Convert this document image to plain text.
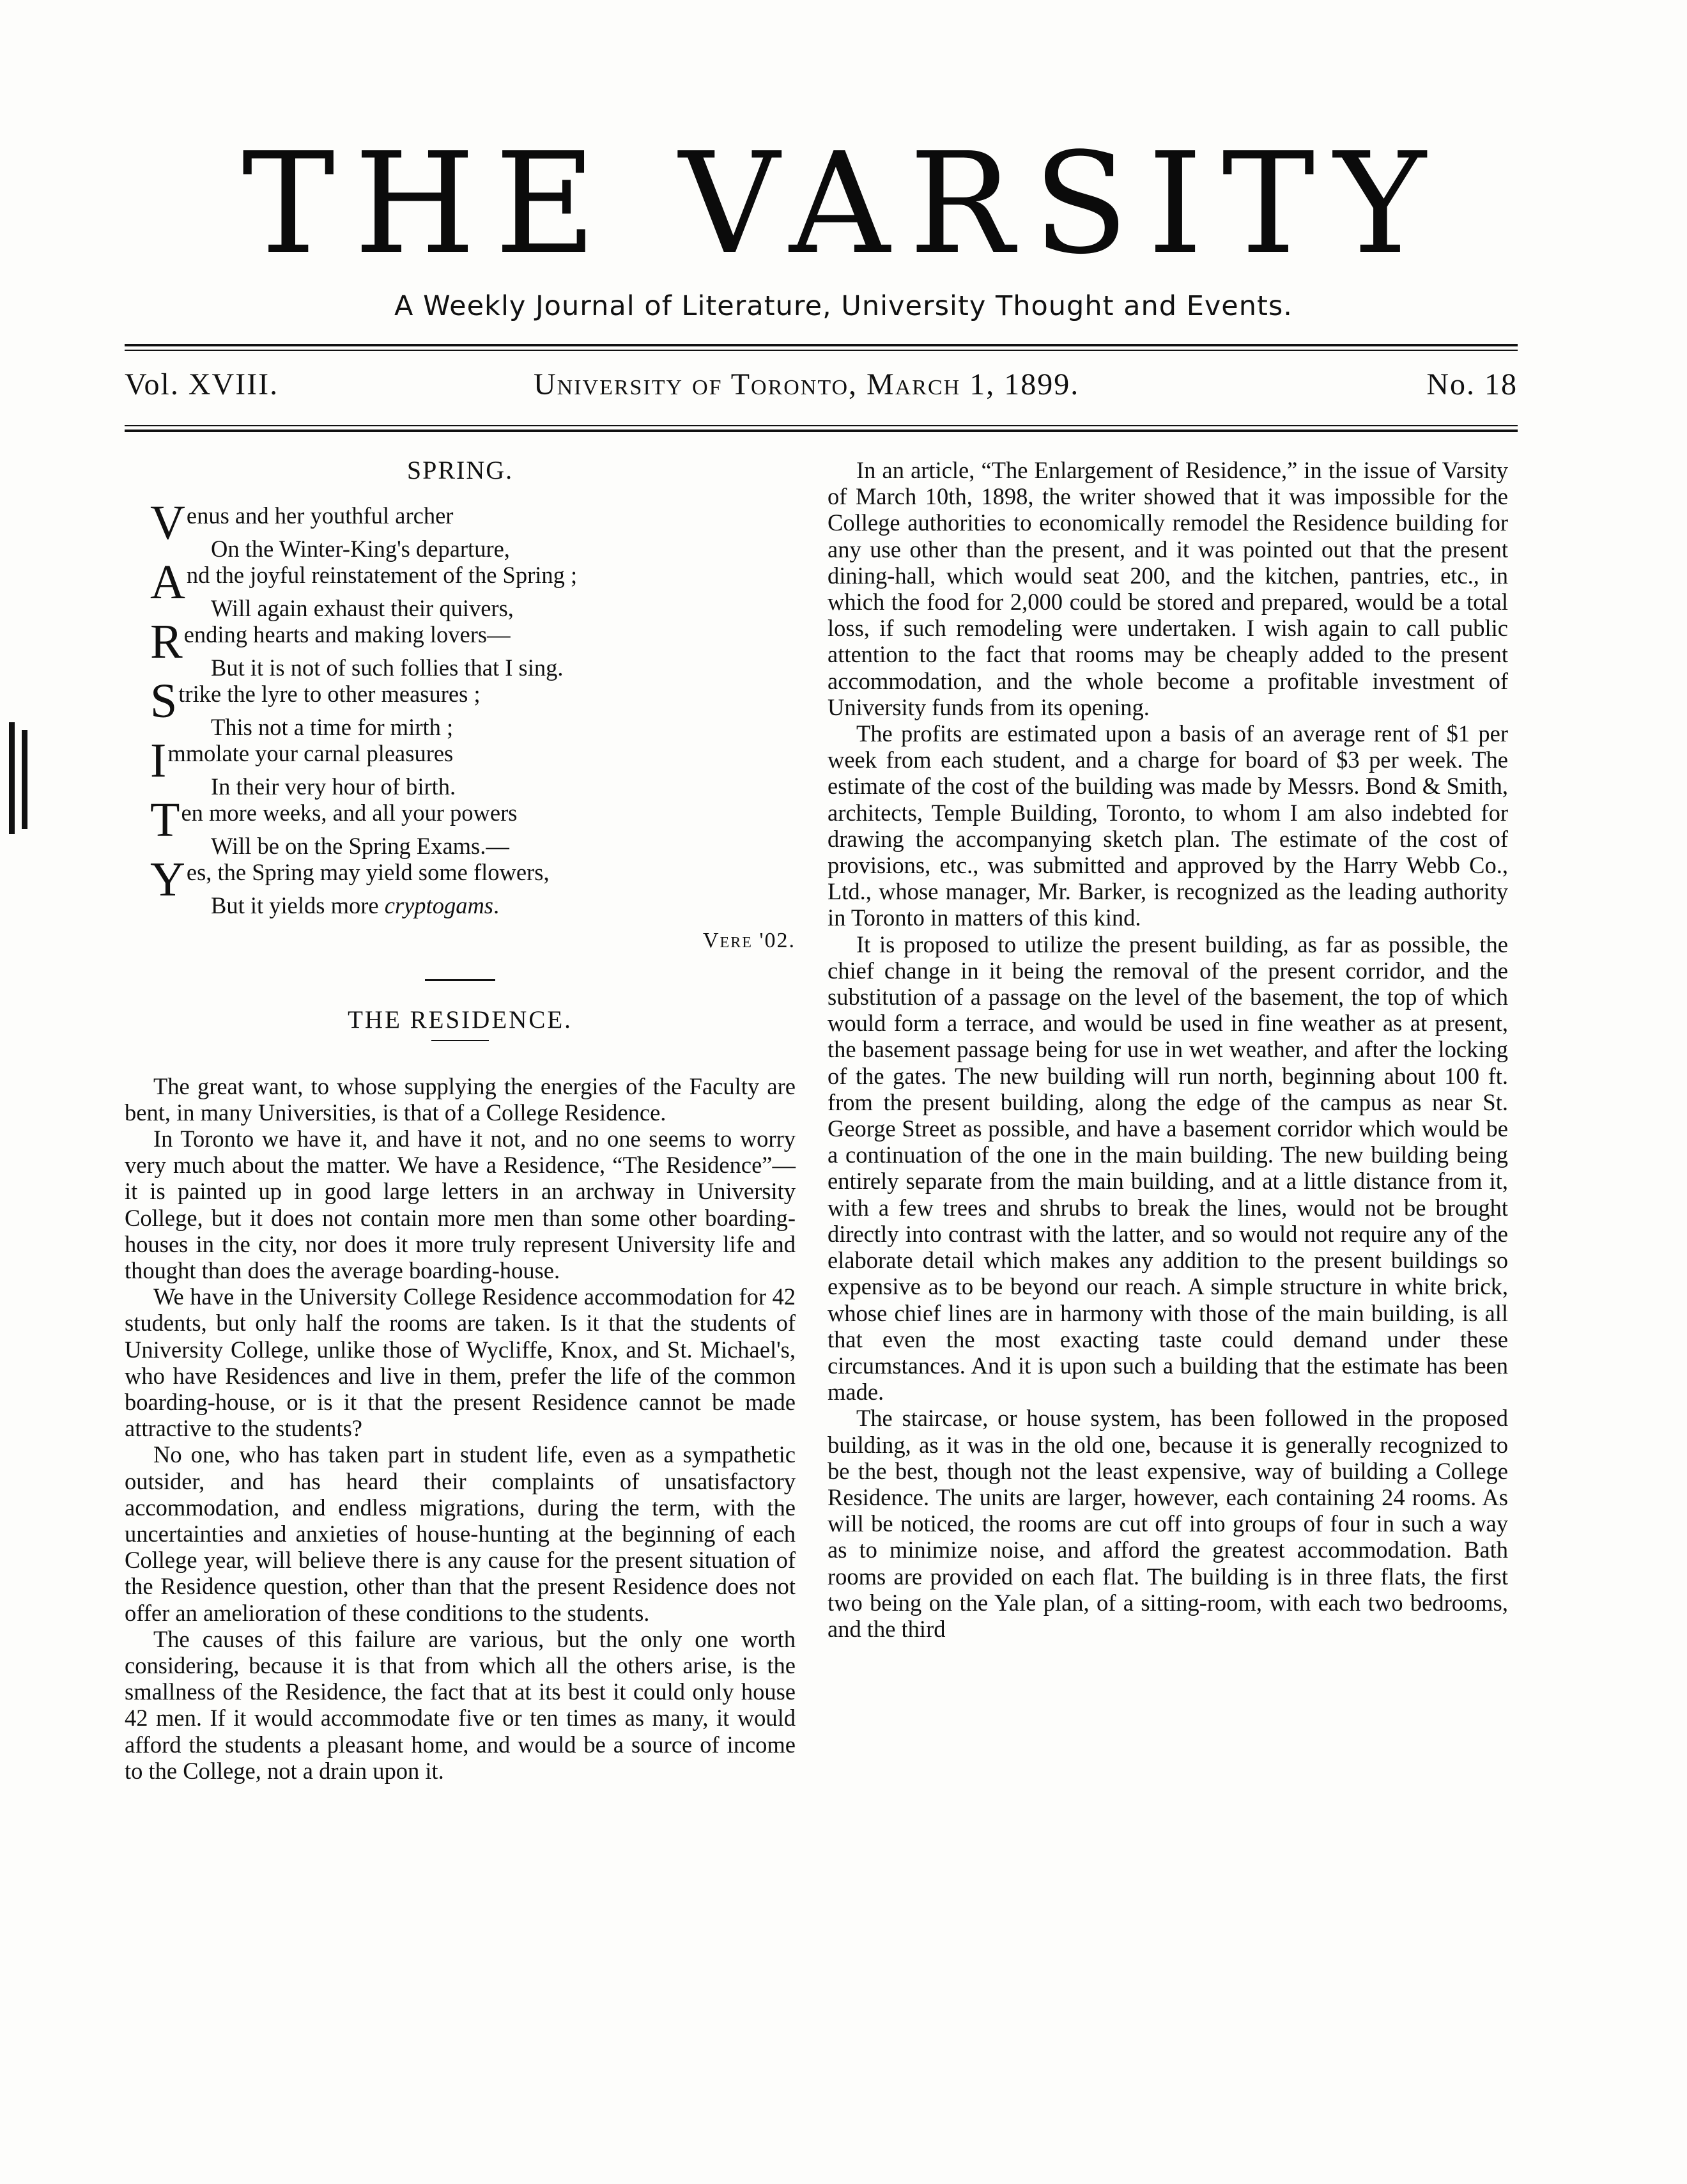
THE VARSITY
A Weekly Journal of Literature, University Thought and Events.
Vol. XVIII.	University of Toronto, March 1, 1899.	No. 18
SPRING.
Venus and her youthful archer
On the Winter-King's departure,
And the joyful reinstatement of the Spring ;
Will again exhaust their quivers,
Rending hearts and making lovers—
But it is not of such follies that I sing.
Strike the lyre to other measures ;
This not a time for mirth ;
Immolate your carnal pleasures
In their very hour of birth.
Ten more weeks, and all your powers
Will be on the Spring Exams.—
Yes, the Spring may yield some flowers,
But it yields more cryptogams.
Vere '02.
THE RESIDENCE.

The great want, to whose supplying the energies of the Faculty are bent, in many Universities, is that of a College Residence.

In Toronto we have it, and have it not, and no one seems to worry very much about the matter. We have a Residence, “The Residence”—it is painted up in good large letters in an archway in University College, but it does not contain more men than some other boarding-houses in the city, nor does it more truly represent University life and thought than does the average boarding-house.

We have in the University College Residence accommodation for 42 students, but only half the rooms are taken. Is it that the students of University College, unlike those of Wycliffe, Knox, and St. Michael's, who have Residences and live in them, prefer the life of the common boarding-house, or is it that the present Residence cannot be made attractive to the students?

No one, who has taken part in student life, even as a sympathetic outsider, and has heard their complaints of unsatisfactory accommodation, and endless migrations, during the term, with the uncertainties and anxieties of house-hunting at the beginning of each College year, will believe there is any cause for the present situation of the Residence question, other than that the present Residence does not offer an amelioration of these conditions to the students.

The causes of this failure are various, but the only one worth considering, because it is that from which all the others arise, is the smallness of the Residence, the fact that at its best it could only house 42 men. If it would accommodate five or ten times as many, it would afford the students a pleasant home, and would be a source of income to the College, not a drain upon it.

In an article, “The Enlargement of Residence,” in the issue of Varsity of March 10th, 1898, the writer showed that it was impossible for the College authorities to economically remodel the Residence building for any use other than the present, and it was pointed out that the present dining-hall, which would seat 200, and the kitchen, pantries, etc., in which the food for 2,000 could be stored and prepared, would be a total loss, if such remodeling were undertaken. I wish again to call public attention to the fact that rooms may be cheaply added to the present accommodation, and the whole become a profitable investment of University funds from its opening.

The profits are estimated upon a basis of an average rent of $1 per week from each student, and a charge for board of $3 per week. The estimate of the cost of the building was made by Messrs. Bond & Smith, architects, Temple Building, Toronto, to whom I am also indebted for drawing the accompanying sketch plan. The estimate of the cost of provisions, etc., was submitted and approved by the Harry Webb Co., Ltd., whose manager, Mr. Barker, is recognized as the leading authority in Toronto in matters of this kind.

It is proposed to utilize the present building, as far as possible, the chief change in it being the removal of the present corridor, and the substitution of a passage on the level of the basement, the top of which would form a terrace, and would be used in fine weather as at present, the basement passage being for use in wet weather, and after the locking of the gates. The new building will run north, beginning about 100 ft. from the present building, along the edge of the campus as near St. George Street as possible, and have a basement corridor which would be a continuation of the one in the main building. The new building being entirely separate from the main building, and at a little distance from it, with a few trees and shrubs to break the lines, would not be brought directly into contrast with the latter, and so would not require any of the elaborate detail which makes any addition to the present buildings so expensive as to be beyond our reach. A simple structure in white brick, whose chief lines are in harmony with those of the main building, is all that even the most exacting taste could demand under these circumstances. And it is upon such a building that the estimate has been made.

The staircase, or house system, has been followed in the proposed building, as it was in the old one, because it is generally recognized to be the best, though not the least expensive, way of building a College Residence. The units are larger, however, each containing 24 rooms. As will be noticed, the rooms are cut off into groups of four in such a way as to minimize noise, and afford the greatest accommodation. Bath rooms are provided on each flat. The building is in three flats, the first two being on the Yale plan, of a sitting-room, with each two bedrooms, and the third
